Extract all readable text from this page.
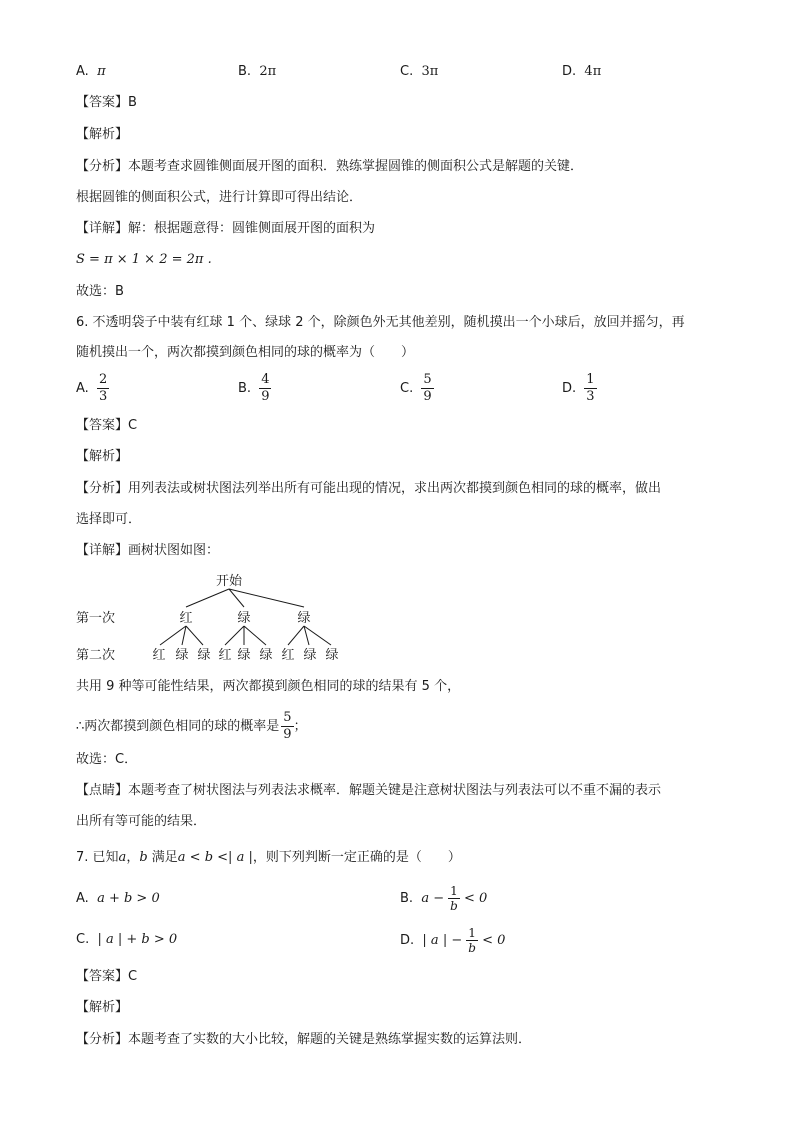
A. π	B. 2π	C. 3π	D. 4π
【答案】B
【解析】
【分析】本题考查求圆锥侧面展开图的面积．熟练掌握圆锥的侧面积公式是解题的关键．
根据圆锥的侧面积公式，进行计算即可得出结论．
【详解】解：根据题意得：圆锥侧面展开图的面积为
S = π × 1 × 2 = 2π .
故选：B
6. 不透明袋子中装有红球 1 个、绿球 2 个，除颜色外无其他差别，随机摸出一个小球后，放回并摇匀，再
随机摸出一个，两次都摸到颜色相同的球的概率为（　　）
A. $\frac{2}{3}$	B. $\frac{4}{9}$	C. $\frac{5}{9}$	D. $\frac{1}{3}$
【答案】C
【解析】
【分析】用列表法或树状图法列举出所有可能出现的情况，求出两次都摸到颜色相同的球的概率，做出
选择即可．
【详解】画树状图如图：
开始
第一次	红	绿	绿
第二次	红 绿 绿 红 绿 绿 红 绿 绿
共用 9 种等可能性结果，两次都摸到颜色相同的球的结果有 5 个，
∴两次都摸到颜色相同的球的概率是 $\frac{5}{9}$ ；
故选：C．
【点睛】本题考查了树状图法与列表法求概率．解题关键是注意树状图法与列表法可以不重不漏的表示
出所有等可能的结果．
7. 已知a，b 满足a < b <| a |，则下列判断一定正确的是（　　）
A. a + b > 0	B. $a - \frac{1}{b} < 0$
C. | a | + b > 0	D. | a | − $\frac{1}{b} < 0$
【答案】C
【解析】
【分析】本题考查了实数的大小比较，解题的关键是熟练掌握实数的运算法则．
